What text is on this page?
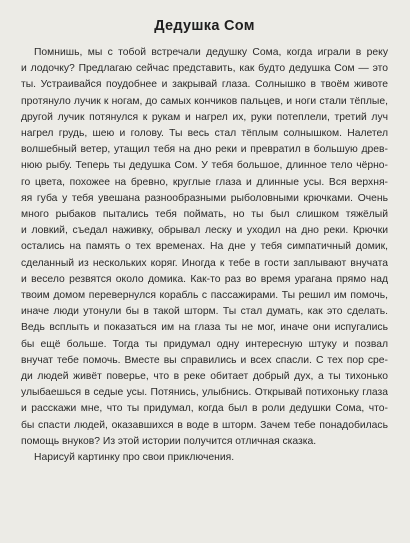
Дедушка Сом
Помнишь, мы с тобой встречали дедушку Сома, когда играли в реку
и лодочку? Предлагаю сейчас представить, как будто дедушка Сом — это
ты. Устраивайся поудобнее и закрывай глаза. Солнышко в твоём животе
протянуло лучик к ногам, до самых кончиков пальцев, и ноги стали тёплые,
другой лучик потянулся к рукам и нагрел их, руки потеплели, третий луч
нагрел грудь, шею и голову. Ты весь стал тёплым солнышком. Налетел
волшебный ветер, утащил тебя на дно реки и превратил в большую древ-
нюю рыбу. Теперь ты дедушка Сом. У тебя большое, длинное тело чёрно-
го цвета, похожее на бревно, круглые глаза и длинные усы. Вся верхня-
яя губа у тебя увешана разнообразными рыболовными крючками. Очень
много рыбаков пытались тебя поймать, но ты был слишком тяжёлый
и ловкий, съедал наживку, обрывал леску и уходил на дно реки. Крючки
остались на память о тех временах. На дне у тебя симпатичный домик,
сделанный из нескольких коряг. Иногда к тебе в гости заплывают внучата
и весело резвятся около домика. Как-то раз во время урагана прямо над
твоим домом перевернулся корабль с пассажирами. Ты решил им помочь,
иначе люди утонули бы в такой шторм. Ты стал думать, как это сделать.
Ведь всплыть и показаться им на глаза ты не мог, иначе они испугались
бы ещё больше. Тогда ты придумал одну интересную штуку и позвал
внучат тебе помочь. Вместе вы справились и всех спасли. С тех пор сре-
ди людей живёт поверье, что в реке обитает добрый дух, а ты тихонько
улыбаешься в седые усы. Потянись, улыбнись. Открывай потихоньку глаза
и расскажи мне, что ты придумал, когда был в роли дедушки Сома, что-
бы спасти людей, оказавшихся в воде в шторм. Зачем тебе понадобилась
помощь внуков? Из этой истории получится отличная сказка.
Нарисуй картинку про свои приключения.
